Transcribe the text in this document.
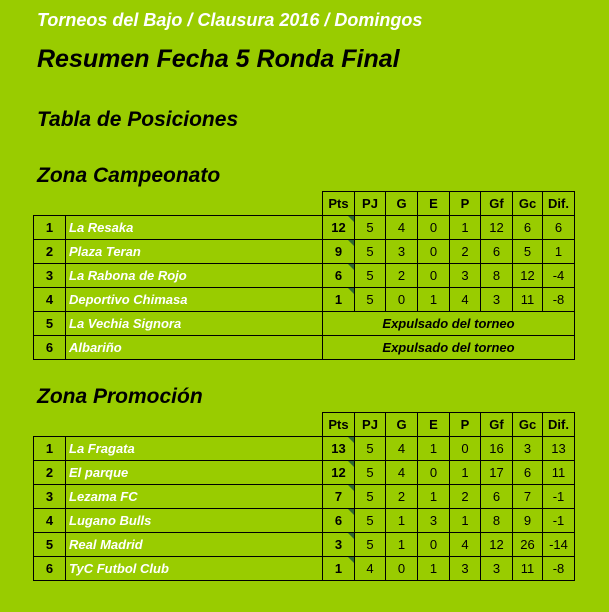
Torneos del Bajo / Clausura 2016 / Domingos
Resumen Fecha 5 Ronda Final
Tabla de Posiciones
Zona Campeonato
		Pts	PJ	G	E	P	Gf	Gc	Dif.
1	La Resaka	12	5	4	0	1	12	6	6
2	Plaza Teran	9	5	3	0	2	6	5	1
3	La Rabona de Rojo	6	5	2	0	3	8	12	-4
4	Deportivo Chimasa	1	5	0	1	4	3	11	-8
5	La Vechia Signora	Expulsado del torneo							
6	Albariño	Expulsado del torneo							
Zona Promoción
		Pts	PJ	G	E	P	Gf	Gc	Dif.
1	La Fragata	13	5	4	1	0	16	3	13
2	El parque	12	5	4	0	1	17	6	11
3	Lezama FC	7	5	2	1	2	6	7	-1
4	Lugano Bulls	6	5	1	3	1	8	9	-1
5	Real Madrid	3	5	1	0	4	12	26	-14
6	TyC Futbol Club	1	4	0	1	3	3	11	-8
